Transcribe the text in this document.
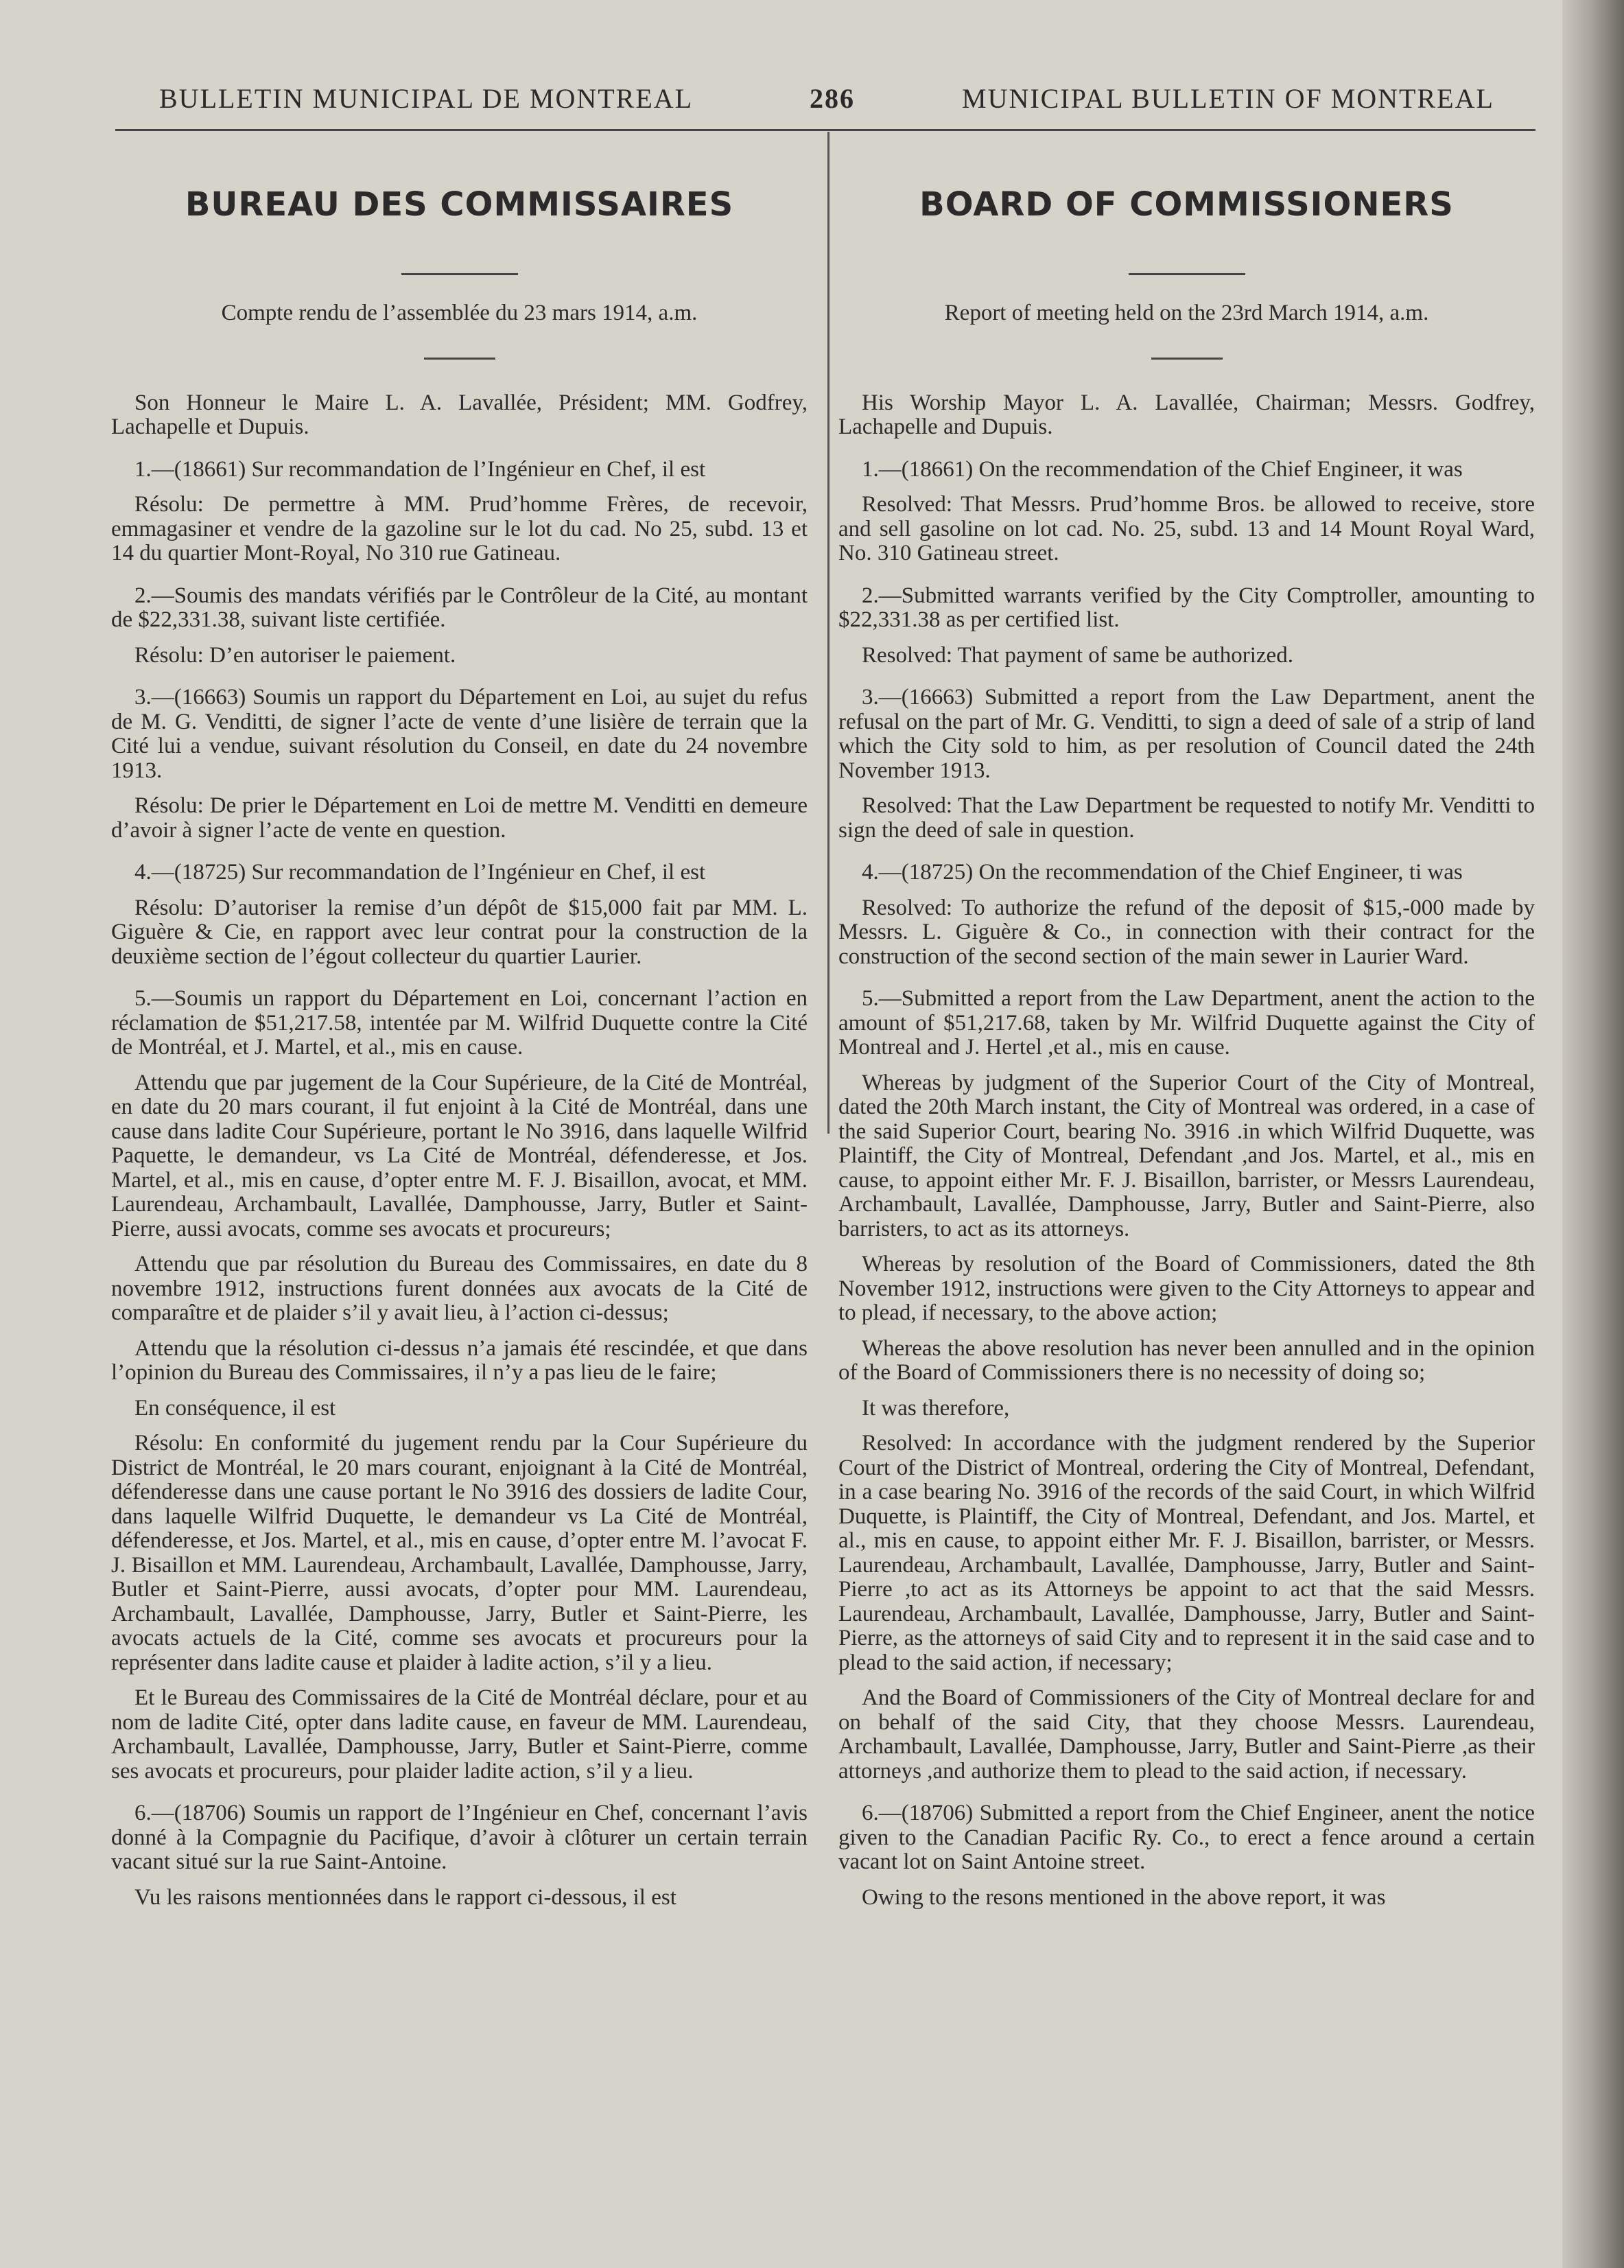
BULLETIN MUNICIPAL DE MONTREAL	286	MUNICIPAL BULLETIN OF MONTREAL
BUREAU DES COMMISSAIRES
Compte rendu de l’assemblée du 23 mars 1914, a.m.

Son Honneur le Maire L. A. Lavallée, Président; MM. Godfrey, Lachapelle et Dupuis.

1.—(18661) Sur recommandation de l’Ingénieur en Chef, il est

Résolu: De permettre à MM. Prud’homme Frères, de recevoir, emmagasiner et vendre de la gazoline sur le lot du cad. No 25, subd. 13 et 14 du quartier Mont-Royal, No 310 rue Gatineau.

2.—Soumis des mandats vérifiés par le Contrôleur de la Cité, au montant de $22,331.38, suivant liste certifiée.

Résolu: D’en autoriser le paiement.

3.—(16663) Soumis un rapport du Département en Loi, au sujet du refus de M. G. Venditti, de signer l’acte de vente d’une lisière de terrain que la Cité lui a vendue, suivant résolution du Conseil, en date du 24 novembre 1913.

Résolu: De prier le Département en Loi de mettre M. Venditti en demeure d’avoir à signer l’acte de vente en question.

4.—(18725) Sur recommandation de l’Ingénieur en Chef, il est

Résolu: D’autoriser la remise d’un dépôt de $15,000 fait par MM. L. Giguère & Cie, en rapport avec leur contrat pour la construction de la deuxième section de l’égout collecteur du quartier Laurier.

5.—Soumis un rapport du Département en Loi, concernant l’action en réclamation de $51,217.58, intentée par M. Wilfrid Duquette contre la Cité de Montréal, et J. Martel, et al., mis en cause.

Attendu que par jugement de la Cour Supérieure, de la Cité de Montréal, en date du 20 mars courant, il fut enjoint à la Cité de Montréal, dans une cause dans ladite Cour Supérieure, portant le No 3916, dans laquelle Wilfrid Paquette, le demandeur, vs La Cité de Montréal, défenderesse, et Jos. Martel, et al., mis en cause, d’opter entre M. F. J. Bisaillon, avocat, et MM. Laurendeau, Archambault, Lavallée, Damphousse, Jarry, Butler et Saint-Pierre, aussi avocats, comme ses avocats et procureurs;

Attendu que par résolution du Bureau des Commissaires, en date du 8 novembre 1912, instructions furent données aux avocats de la Cité de comparaître et de plaider s’il y avait lieu, à l’action ci-dessus;

Attendu que la résolution ci-dessus n’a jamais été rescindée, et que dans l’opinion du Bureau des Commissaires, il n’y a pas lieu de le faire;

En conséquence, il est

Résolu: En conformité du jugement rendu par la Cour Supérieure du District de Montréal, le 20 mars courant, enjoignant à la Cité de Montréal, défenderesse dans une cause portant le No 3916 des dossiers de ladite Cour, dans laquelle Wilfrid Duquette, le demandeur vs La Cité de Montréal, défenderesse, et Jos. Martel, et al., mis en cause, d’opter entre M. l’avocat F. J. Bisaillon et MM. Laurendeau, Archambault, Lavallée, Damphousse, Jarry, Butler et Saint-Pierre, aussi avocats, d’opter pour MM. Laurendeau, Archambault, Lavallée, Damphousse, Jarry, Butler et Saint-Pierre, les avocats actuels de la Cité, comme ses avocats et procureurs pour la représenter dans ladite cause et plaider à ladite action, s’il y a lieu.

Et le Bureau des Commissaires de la Cité de Montréal déclare, pour et au nom de ladite Cité, opter dans ladite cause, en faveur de MM. Laurendeau, Archambault, Lavallée, Damphousse, Jarry, Butler et Saint-Pierre, comme ses avocats et procureurs, pour plaider ladite action, s’il y a lieu.

6.—(18706) Soumis un rapport de l’Ingénieur en Chef, concernant l’avis donné à la Compagnie du Pacifique, d’avoir à clôturer un certain terrain vacant situé sur la rue Saint-Antoine.

Vu les raisons mentionnées dans le rapport ci-dessous, il est

BOARD OF COMMISSIONERS
Report of meeting held on the 23rd March 1914, a.m.

His Worship Mayor L. A. Lavallée, Chairman; Messrs. Godfrey, Lachapelle and Dupuis.

1.—(18661) On the recommendation of the Chief Engineer, it was

Resolved: That Messrs. Prud’homme Bros. be allowed to receive, store and sell gasoline on lot cad. No. 25, subd. 13 and 14 Mount Royal Ward, No. 310 Gatineau street.

2.—Submitted warrants verified by the City Comptroller, amounting to $22,331.38 as per certified list.

Resolved: That payment of same be authorized.

3.—(16663) Submitted a report from the Law Department, anent the refusal on the part of Mr. G. Venditti, to sign a deed of sale of a strip of land which the City sold to him, as per resolution of Council dated the 24th November 1913.

Resolved: That the Law Department be requested to notify Mr. Venditti to sign the deed of sale in question.

4.—(18725) On the recommendation of the Chief Engineer, ti was

Resolved: To authorize the refund of the deposit of $15,-000 made by Messrs. L. Giguère & Co., in connection with their contract for the construction of the second section of the main sewer in Laurier Ward.

5.—Submitted a report from the Law Department, anent the action to the amount of $51,217.68, taken by Mr. Wilfrid Duquette against the City of Montreal and J. Hertel ,et al., mis en cause.

Whereas by judgment of the Superior Court of the City of Montreal, dated the 20th March instant, the City of Montreal was ordered, in a case of the said Superior Court, bearing No. 3916 .in which Wilfrid Duquette, was Plaintiff, the City of Montreal, Defendant ,and Jos. Martel, et al., mis en cause, to appoint either Mr. F. J. Bisaillon, barrister, or Messrs Laurendeau, Archambault, Lavallée, Damphousse, Jarry, Butler and Saint-Pierre, also barristers, to act as its attorneys.

Whereas by resolution of the Board of Commissioners, dated the 8th November 1912, instructions were given to the City Attorneys to appear and to plead, if necessary, to the above action;

Whereas the above resolution has never been annulled and in the opinion of the Board of Commissioners there is no necessity of doing so;

It was therefore,

Resolved: In accordance with the judgment rendered by the Superior Court of the District of Montreal, ordering the City of Montreal, Defendant, in a case bearing No. 3916 of the records of the said Court, in which Wilfrid Duquette, is Plaintiff, the City of Montreal, Defendant, and Jos. Martel, et al., mis en cause, to appoint either Mr. F. J. Bisaillon, barrister, or Messrs. Laurendeau, Archambault, Lavallée, Damphousse, Jarry, Butler and Saint-Pierre ,to act as its Attorneys be appoint to act that the said Messrs. Laurendeau, Archambault, Lavallée, Damphousse, Jarry, Butler and Saint-Pierre, as the attorneys of said City and to represent it in the said case and to plead to the said action, if necessary;

And the Board of Commissioners of the City of Montreal declare for and on behalf of the said City, that they choose Messrs. Laurendeau, Archambault, Lavallée, Damphousse, Jarry, Butler and Saint-Pierre ,as their attorneys ,and authorize them to plead to the said action, if necessary.

6.—(18706) Submitted a report from the Chief Engineer, anent the notice given to the Canadian Pacific Ry. Co., to erect a fence around a certain vacant lot on Saint Antoine street.

Owing to the resons mentioned in the above report, it was
